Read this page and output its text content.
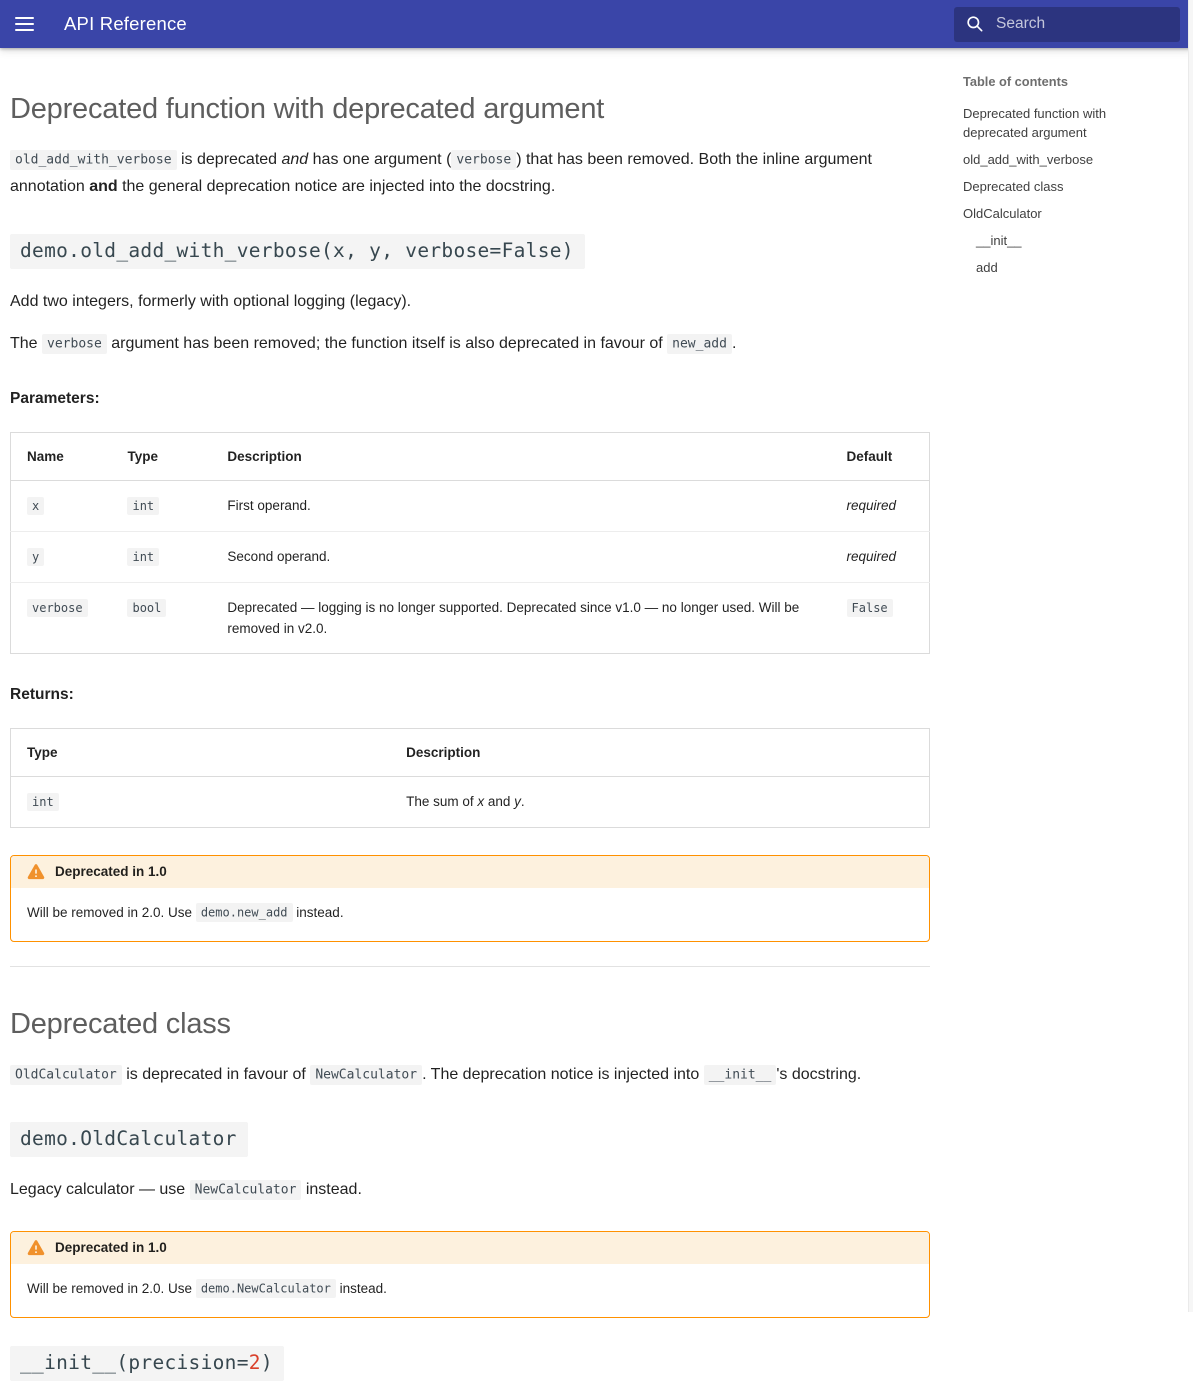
API Reference
Search
Deprecated function with deprecated argument

old_add_with_verbose is deprecated and has one argument ( verbose ) that has been removed. Both the inline argument annotation and the general deprecation notice are injected into the docstring.

demo.old_add_with_verbose(x, y, verbose=False)

Add two integers, formerly with optional logging (legacy).

The verbose argument has been removed; the function itself is also deprecated in favour of new_add .

Parameters:

Name	Type	Description	Default
x	int	First operand.	required
y	int	Second operand.	required
verbose	bool	Deprecated — logging is no longer supported. Deprecated since v1.0 — no longer used. Will be removed in v2.0.	False

Returns:

Type	Description
int	The sum of x and y.
Deprecated in 1.0
Will be removed in 2.0. Use demo.new_add instead.
Deprecated class

OldCalculator is deprecated in favour of NewCalculator . The deprecation notice is injected into __init__ 's docstring.

demo.OldCalculator

Legacy calculator — use NewCalculator instead.

Deprecated in 1.0
Will be removed in 2.0. Use demo.NewCalculator instead.
__init__(precision=2)
Table of contents
Deprecated function with deprecated argument
old_add_with_verbose
Deprecated class
OldCalculator
__init__
add
